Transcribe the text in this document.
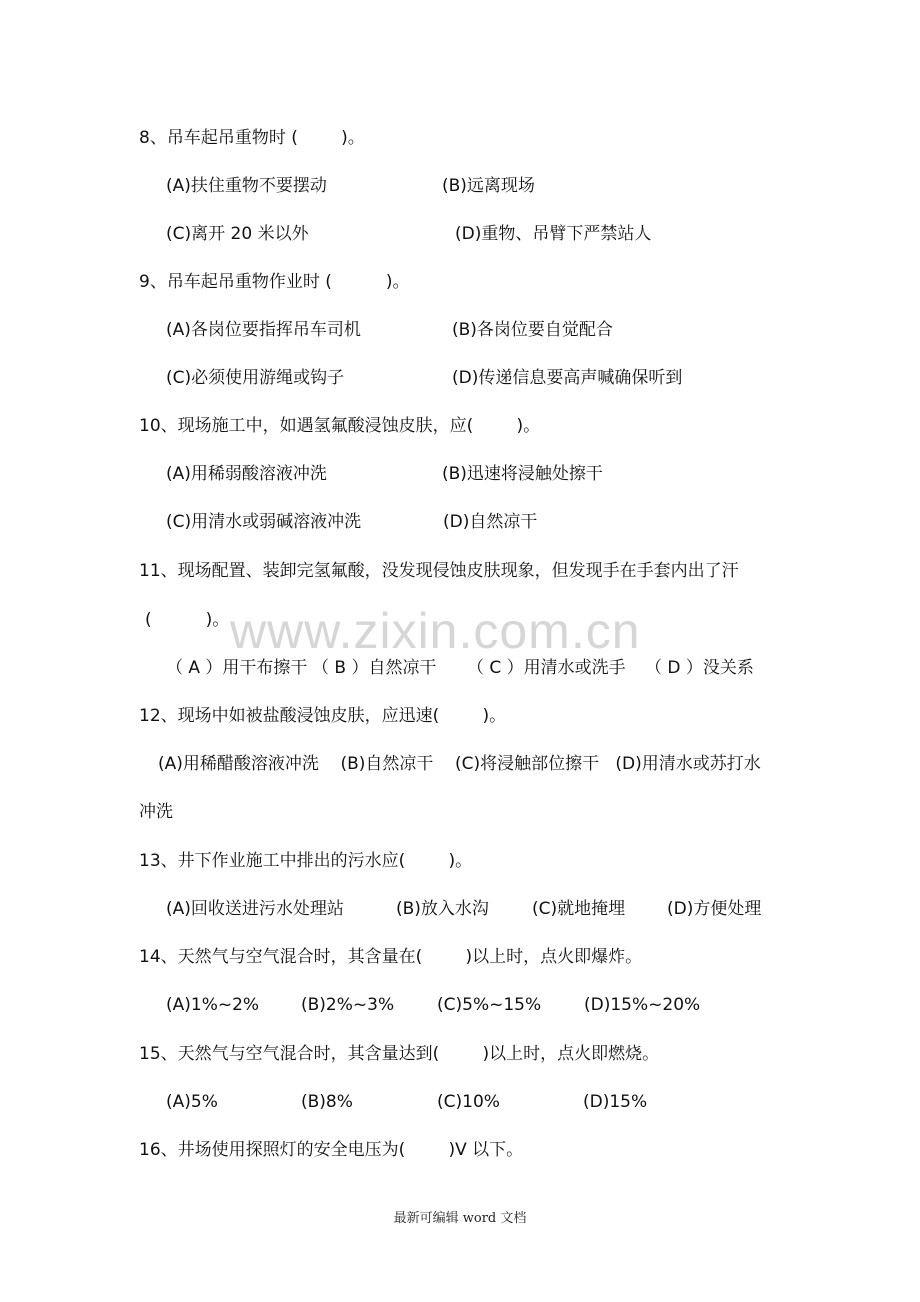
www.zixin.com.cn
8、吊车起吊重物时 (        )。
(A)扶住重物不要摆动	(B)远离现场
(C)离开 20 米以外	(D)重物、吊臂下严禁站人
9、吊车起吊重物作业时 (          )。
(A)各岗位要指挥吊车司机	(B)各岗位要自觉配合
(C)必须使用游绳或钩子	(D)传递信息要高声喊确保听到
10、现场施工中，如遇氢氟酸浸蚀皮肤，应(        )。
(A)用稀弱酸溶液冲洗	(B)迅速将浸触处擦干
(C)用清水或弱碱溶液冲洗	(D)自然凉干
11、现场配置、装卸完氢氟酸，没发现侵蚀皮肤现象，但发现手在手套内出了汗
(          )。
（ A ）用干布擦干 （ B ）自然凉干 （ C ）用清水或洗手 （ D ）没关系
12、现场中如被盐酸浸蚀皮肤，应迅速(        )。
(A)用稀醋酸溶液冲洗    (B)自然凉干    (C)将浸触部位擦干   (D)用清水或苏打水
冲洗
13、井下作业施工中排出的污水应(        )。
(A)回收送进污水处理站	(B)放入水沟	(C)就地掩埋 (D)方便处理
14、天然气与空气混合时，其含量在(        )以上时，点火即爆炸。
(A)1%~2% (B)2%~3%	(C)5%~15%	(D)15%~20%
15、天然气与空气混合时，其含量达到(        )以上时，点火即燃烧。
(A)5%	(B)8%	(C)10%	(D)15%
16、井场使用探照灯的安全电压为(        )V 以下。
最新可编辑 word 文档
